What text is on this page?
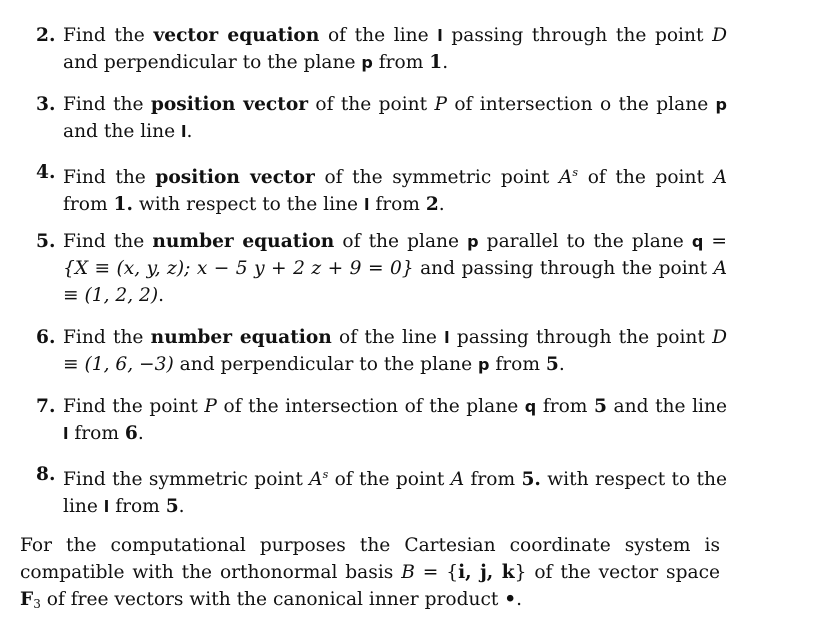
2. Find the vector equation of the line l passing through the point D and perpendicular to the plane p from 1.
3. Find the position vector of the point P of intersection o the plane p and the line l.
4. Find the position vector of the symmetric point $A^s$ of the point A from 1. with respect to the line l from 2.
5. Find the number equation of the plane p parallel to the plane q = {X ≡ (x, y, z); x − 5 y + 2 z + 9 = 0} and passing through the point A ≡ (1, 2, 2).
6. Find the number equation of the line l passing through the point D ≡ (1, 6, −3) and perpendicular to the plane p from 5.
7. Find the point P of the intersection of the plane q from 5 and the line l from 6.
8. Find the symmetric point $A^s$ of the point A from 5. with respect to the line l from 5.
For the computational purposes the Cartesian coordinate system is compatible with the orthonormal basis B = {i, j, k} of the vector space $F_3$ of free vectors with the canonical inner product •.
